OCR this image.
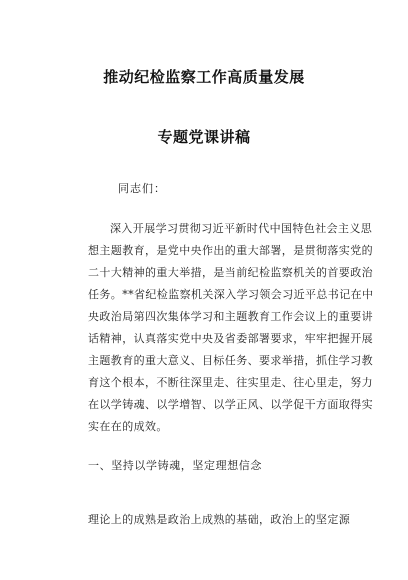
推动纪检监察工作高质量发展
专题党课讲稿
同志们：
深入开展学习贯彻习近平新时代中国特色社会主义思
想主题教育，是党中央作出的重大部署，是贯彻落实党的
二十大精神的重大举措，是当前纪检监察机关的首要政治
任务。**省纪检监察机关深入学习领会习近平总书记在中
央政治局第四次集体学习和主题教育工作会议上的重要讲
话精神，认真落实党中央及省委部署要求，牢牢把握开展
主题教育的重大意义、目标任务、要求举措，抓住学习教
育这个根本，不断往深里走、往实里走、往心里走，努力
在以学铸魂、以学增智、以学正风、以学促干方面取得实
实在在的成效。
一、坚持以学铸魂，坚定理想信念
理论上的成熟是政治上成熟的基础，政治上的坚定源
